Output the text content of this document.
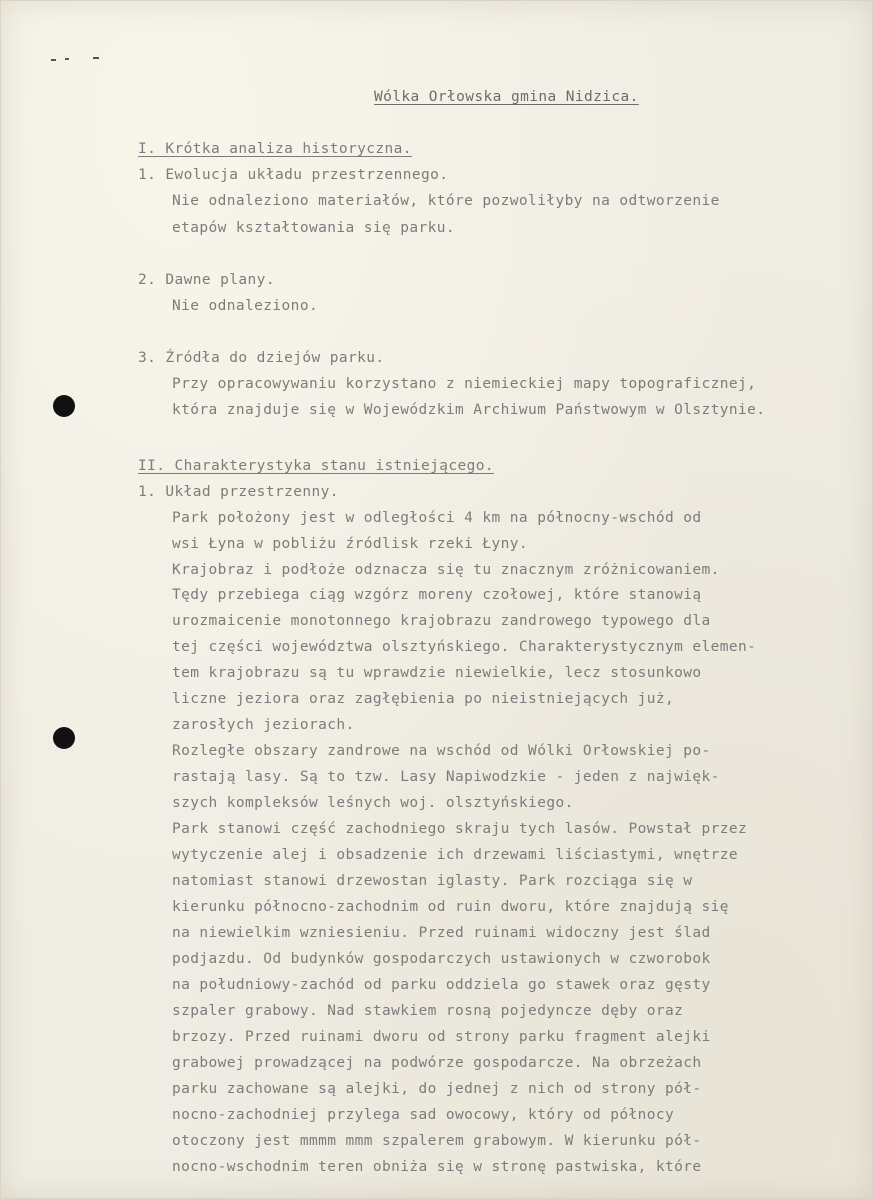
Wólka Orłowska gmina Nidzica.
I. Krótka analiza historyczna.
1. Ewolucja układu przestrzennego.
Nie odnaleziono materiałów, które pozwoliłyby na odtworzenie
etapów kształtowania się parku.
2. Dawne plany.
Nie odnaleziono.
3. Źródła do dziejów parku.
Przy opracowywaniu korzystano z niemieckiej mapy topograficznej,
która znajduje się w Wojewódzkim Archiwum Państwowym w Olsztynie.
II. Charakterystyka stanu istniejącego.
1. Układ przestrzenny.
Park położony jest w odległości 4 km na północny-wschód od
wsi Łyna w pobliżu źródlisk rzeki Łyny.
Krajobraz i podłoże odznacza się tu znacznym zróżnicowaniem.
Tędy przebiega ciąg wzgórz moreny czołowej, które stanowią
urozmaicenie monotonnego krajobrazu zandrowego typowego dla
tej części województwa olsztyńskiego. Charakterystycznym elemen-
tem krajobrazu są tu wprawdzie niewielkie, lecz stosunkowo
liczne jeziora oraz zagłębienia po nieistniejących już,
zarosłych jeziorach.
Rozległe obszary zandrowe na wschód od Wólki Orłowskiej po-
rastają lasy. Są to tzw. Lasy Napiwodzkie - jeden z najwięk-
szych kompleksów leśnych woj. olsztyńskiego.
Park stanowi część zachodniego skraju tych lasów. Powstał przez
wytyczenie alej i obsadzenie ich drzewami liściastymi, wnętrze
natomiast stanowi drzewostan iglasty. Park rozciąga się w
kierunku północno-zachodnim od ruin dworu, które znajdują się
na niewielkim wzniesieniu. Przed ruinami widoczny jest ślad
podjazdu. Od budynków gospodarczych ustawionych w czworobok
na południowy-zachód od parku oddziela go stawek oraz gęsty
szpaler grabowy. Nad stawkiem rosną pojedyncze dęby oraz
brzozy. Przed ruinami dworu od strony parku fragment alejki
grabowej prowadzącej na podwórze gospodarcze. Na obrzeżach
parku zachowane są alejki, do jednej z nich od strony pół-
nocno-zachodniej przylega sad owocowy, który od północy
otoczony jest mmmm mmm szpalerem grabowym. W kierunku pół-
nocno-wschodnim teren obniża się w stronę pastwiska, które
